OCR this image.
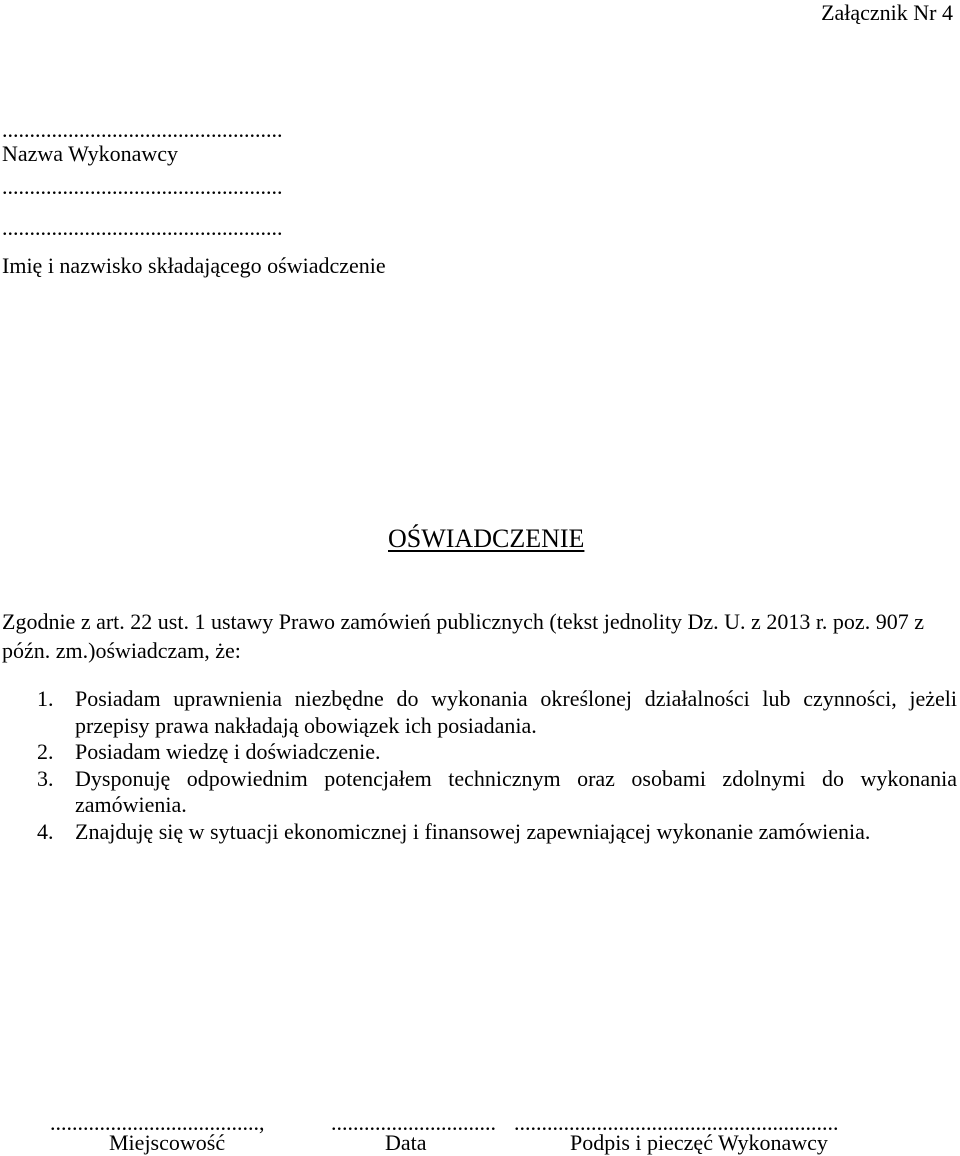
Załącznik Nr 4
...................................................
Nazwa Wykonawcy
...................................................
...................................................
Imię i nazwisko składającego oświadczenie
OŚWIADCZENIE
Zgodnie z art. 22 ust. 1 ustawy Prawo zamówień publicznych (tekst jednolity Dz. U. z 2013 r. poz. 907 z późn. zm.)oświadczam, że:
1. Posiadam uprawnienia niezbędne do wykonania określonej działalności lub czynności, jeżeli przepisy prawa nakładają obowiązek ich posiadania.
2. Posiadam wiedzę i doświadczenie.
3. Dysponuję odpowiednim potencjałem technicznym oraz osobami zdolnymi do wykonania zamówienia.
4. Znajduję się w sytuacji ekonomicznej i finansowej zapewniającej wykonanie zamówienia.
......................................,	.............................. ...........................................................
Miejscowość	Data	Podpis i pieczęć Wykonawcy
